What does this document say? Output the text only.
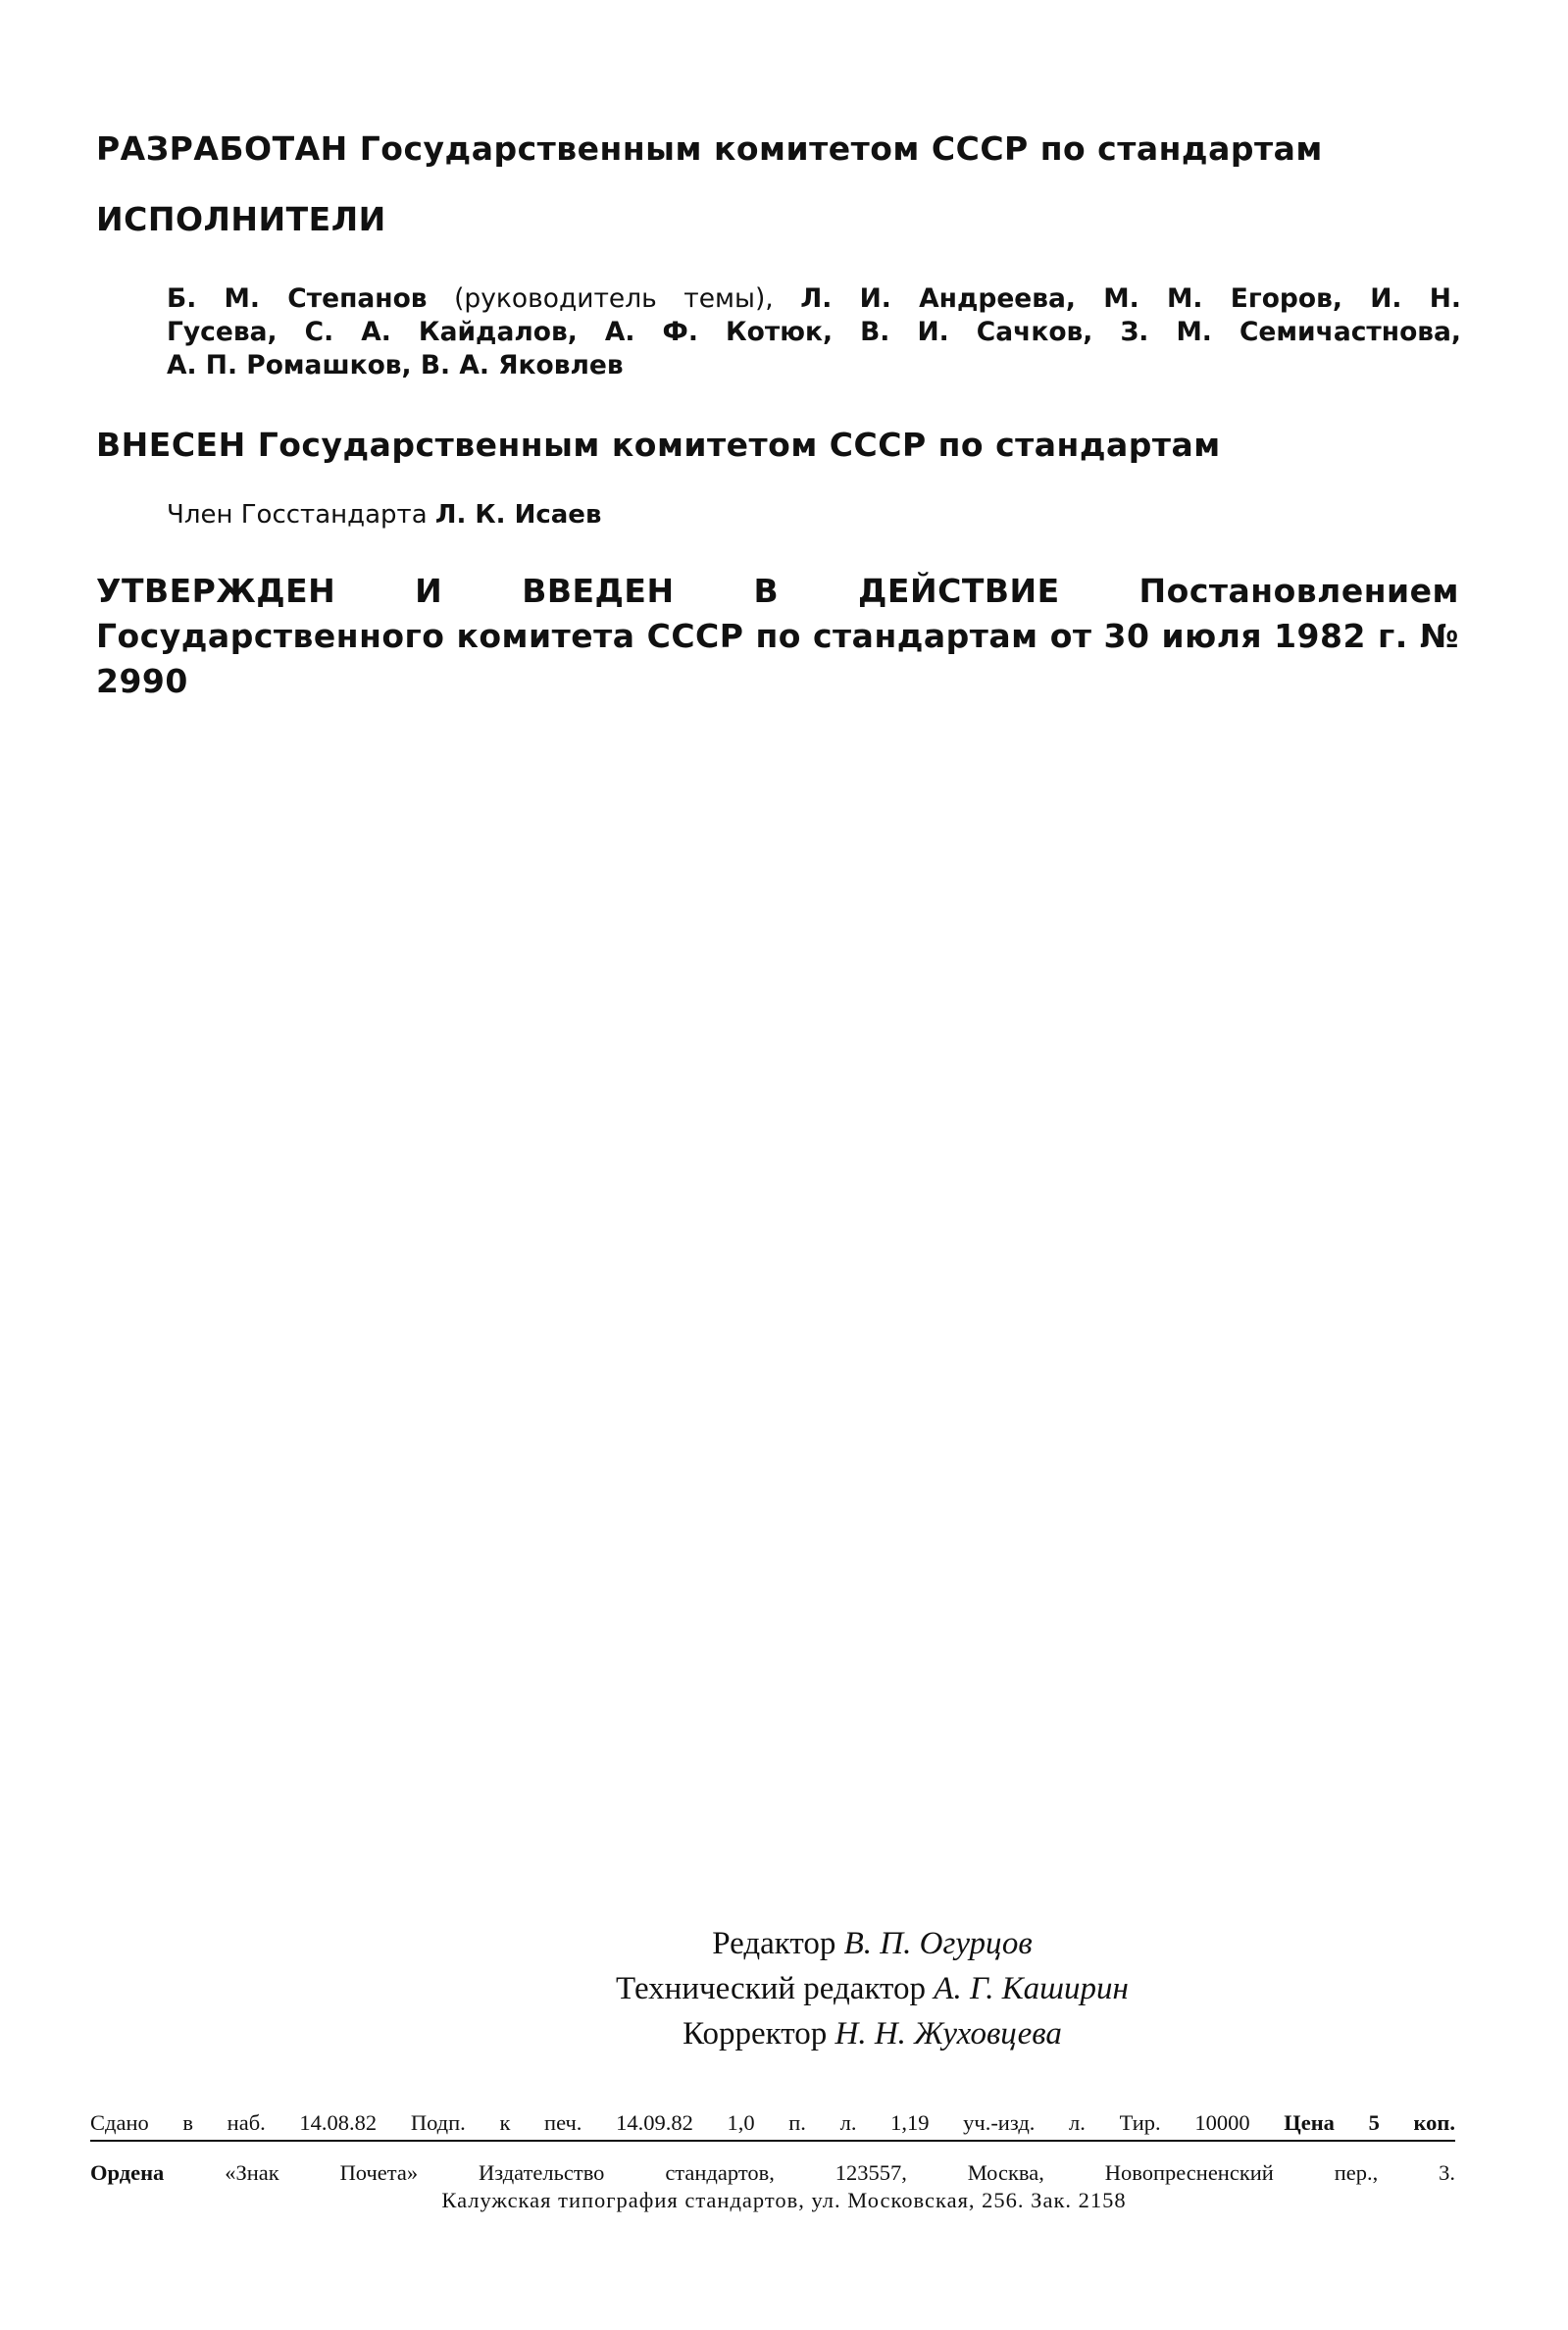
РАЗРАБОТАН Государственным комитетом СССР по стандартам
ИСПОЛНИТЕЛИ
Б. М. Степанов (руководитель темы), Л. И. Андреева, М. М. Егоров, И. Н.
Гусева, С. А. Кайдалов, А. Ф. Котюк, В. И. Сачков, З. М. Семичастнова,
А. П. Ромашков, В. А. Яковлев
ВНЕСЕН Государственным комитетом СССР по стандартам
Член Госстандарта Л. К. Исаев
УТВЕРЖДЕН И ВВЕДЕН В ДЕЙСТВИЕ Постановлением Государственного комитета СССР по стандартам от 30 июля 1982 г. № 2990
Редактор В. П. Огурцов
Технический редактор А. Г. Каширин
Корректор Н. Н. Жуховцева
Сдано в наб. 14.08.82 Подп. к печ. 14.09.82 1,0 п. л. 1,19 уч.-изд. л. Тир. 10000 Цена 5 коп.
Ордена	«Знак Почета» Издательство стандартов, 123557, Москва, Новопресненский пер., 3.
Калужская типография стандартов, ул. Московская, 256. Зак. 2158
